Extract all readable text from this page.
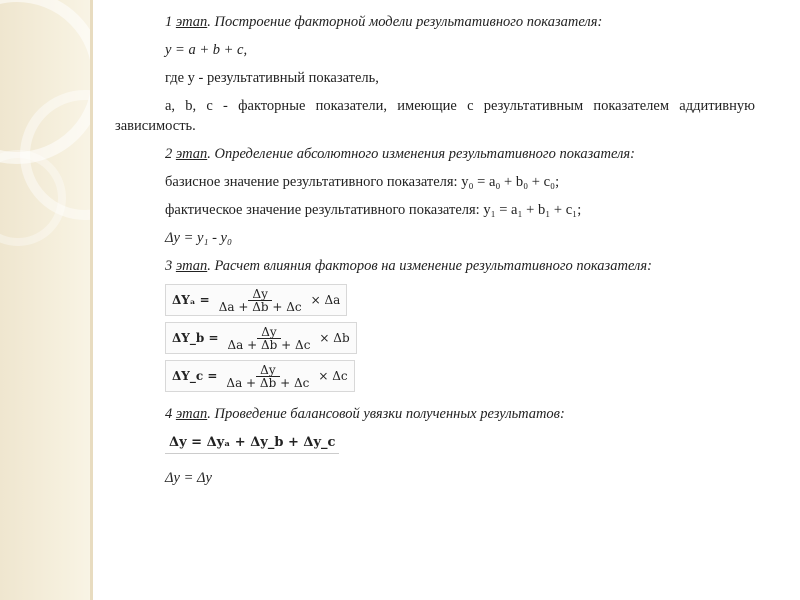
1 этап. Построение факторной модели результативного показателя:

y = a + b + c,

где y - результативный показатель,

a, b, c - факторные показатели, имеющие с результативным показателем аддитивную зависимость.

2 этап. Определение абсолютного изменения результативного показателя:

базисное значение результативного показателя: y₀ = a₀ + b₀ + c₀;

фактическое значение результативного показателя: y₁ = a₁ + b₁ + c₁;

Δy = y₁ - y₀

3 этап. Расчет влияния факторов на изменение результативного показателя:

$\Delta Y_a = \frac{\Delta y}{\Delta a + \Delta b + \Delta c} \times \Delta a$
ΔY_b = $\frac{\Delta y}{\Delta a + \Delta b + \Delta c} \times \Delta b$
ΔY_c = $\frac{\Delta y}{\Delta a + \Delta b + \Delta c} \times \Delta c$

4 этап. Проведение балансовой увязки полученных результатов:

Δy = Δyₐ + Δy_b + Δy_c

Δy = Δy
